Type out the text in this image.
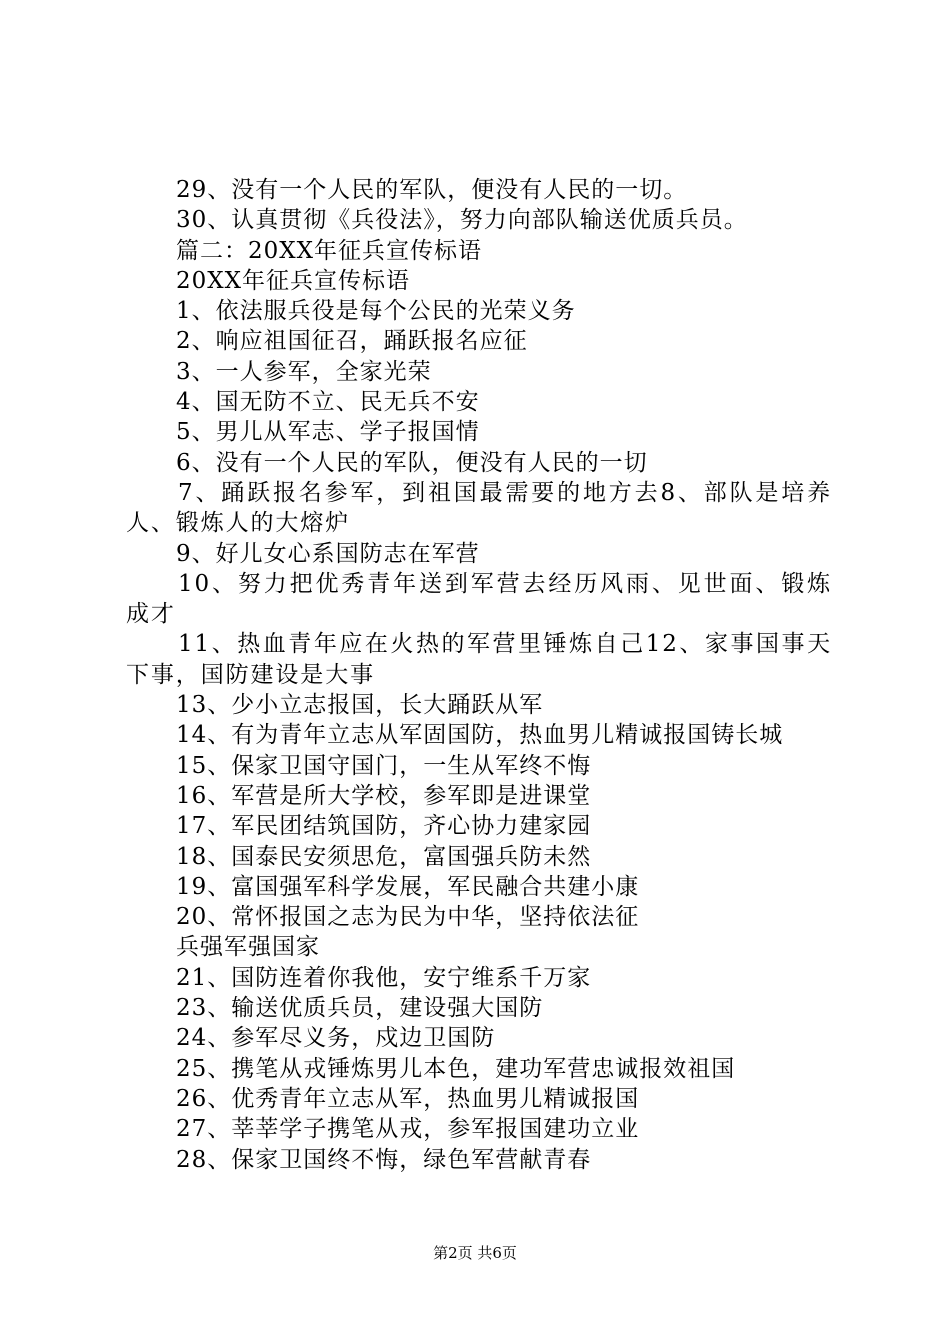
29、没有一个人民的军队，便没有人民的一切。
30、认真贯彻《兵役法》，努力向部队输送优质兵员。
篇二：20XX年征兵宣传标语
20XX年征兵宣传标语
1、依法服兵役是每个公民的光荣义务
2、响应祖国征召，踊跃报名应征
3、一人参军，全家光荣
4、国无防不立、民无兵不安
5、男儿从军志、学子报国情
6、没有一个人民的军队，便没有人民的一切
7、踊跃报名参军，到祖国最需要的地方去8、部队是培养人、锻炼人的大熔炉
9、好儿女心系国防志在军营
10、努力把优秀青年送到军营去经历风雨、见世面、锻炼成才
11、热血青年应在火热的军营里锤炼自己12、家事国事天下事，国防建设是大事
13、少小立志报国，长大踊跃从军
14、有为青年立志从军固国防，热血男儿精诚报国铸长城
15、保家卫国守国门，一生从军终不悔
16、军营是所大学校，参军即是进课堂
17、军民团结筑国防，齐心协力建家园
18、国泰民安须思危，富国强兵防未然
19、富国强军科学发展，军民融合共建小康
20、常怀报国之志为民为中华，坚持依法征
兵强军强国家
21、国防连着你我他，安宁维系千万家
23、输送优质兵员，建设强大国防
24、参军尽义务，戍边卫国防
25、携笔从戎锤炼男儿本色，建功军营忠诚报效祖国
26、优秀青年立志从军，热血男儿精诚报国
27、莘莘学子携笔从戎，参军报国建功立业
28、保家卫国终不悔，绿色军营献青春
第2页 共6页
